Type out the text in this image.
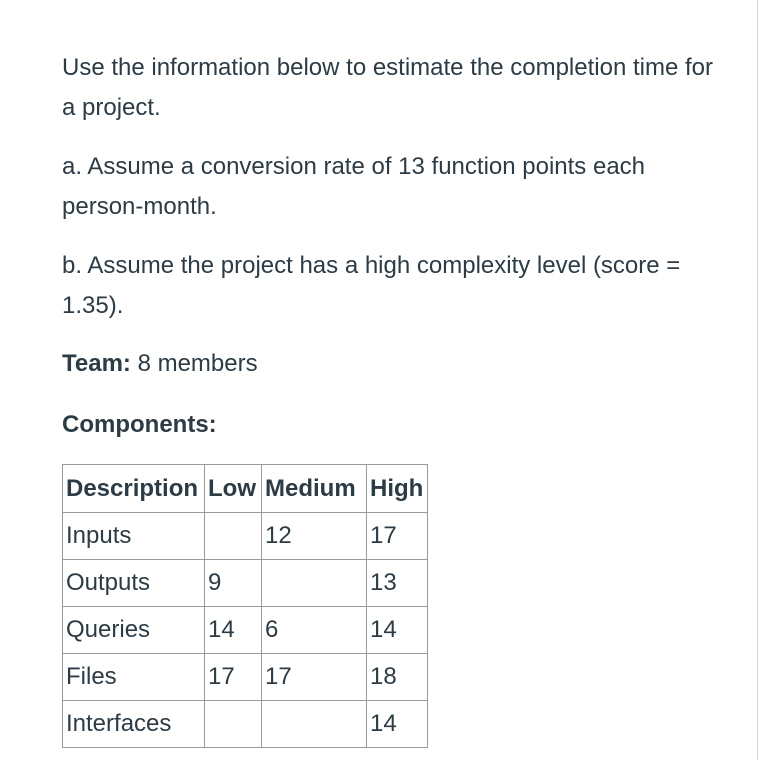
Use the information below to estimate the completion time for a project.

a. Assume a conversion rate of 13 function points each person-month.

b. Assume the project has a high complexity level (score = 1.35).

Team: 8 members

Components:

Description	Low	Medium	High
Inputs		12	17
Outputs	9		13
Queries	14	6	14
Files	17	17	18
Interfaces			14
